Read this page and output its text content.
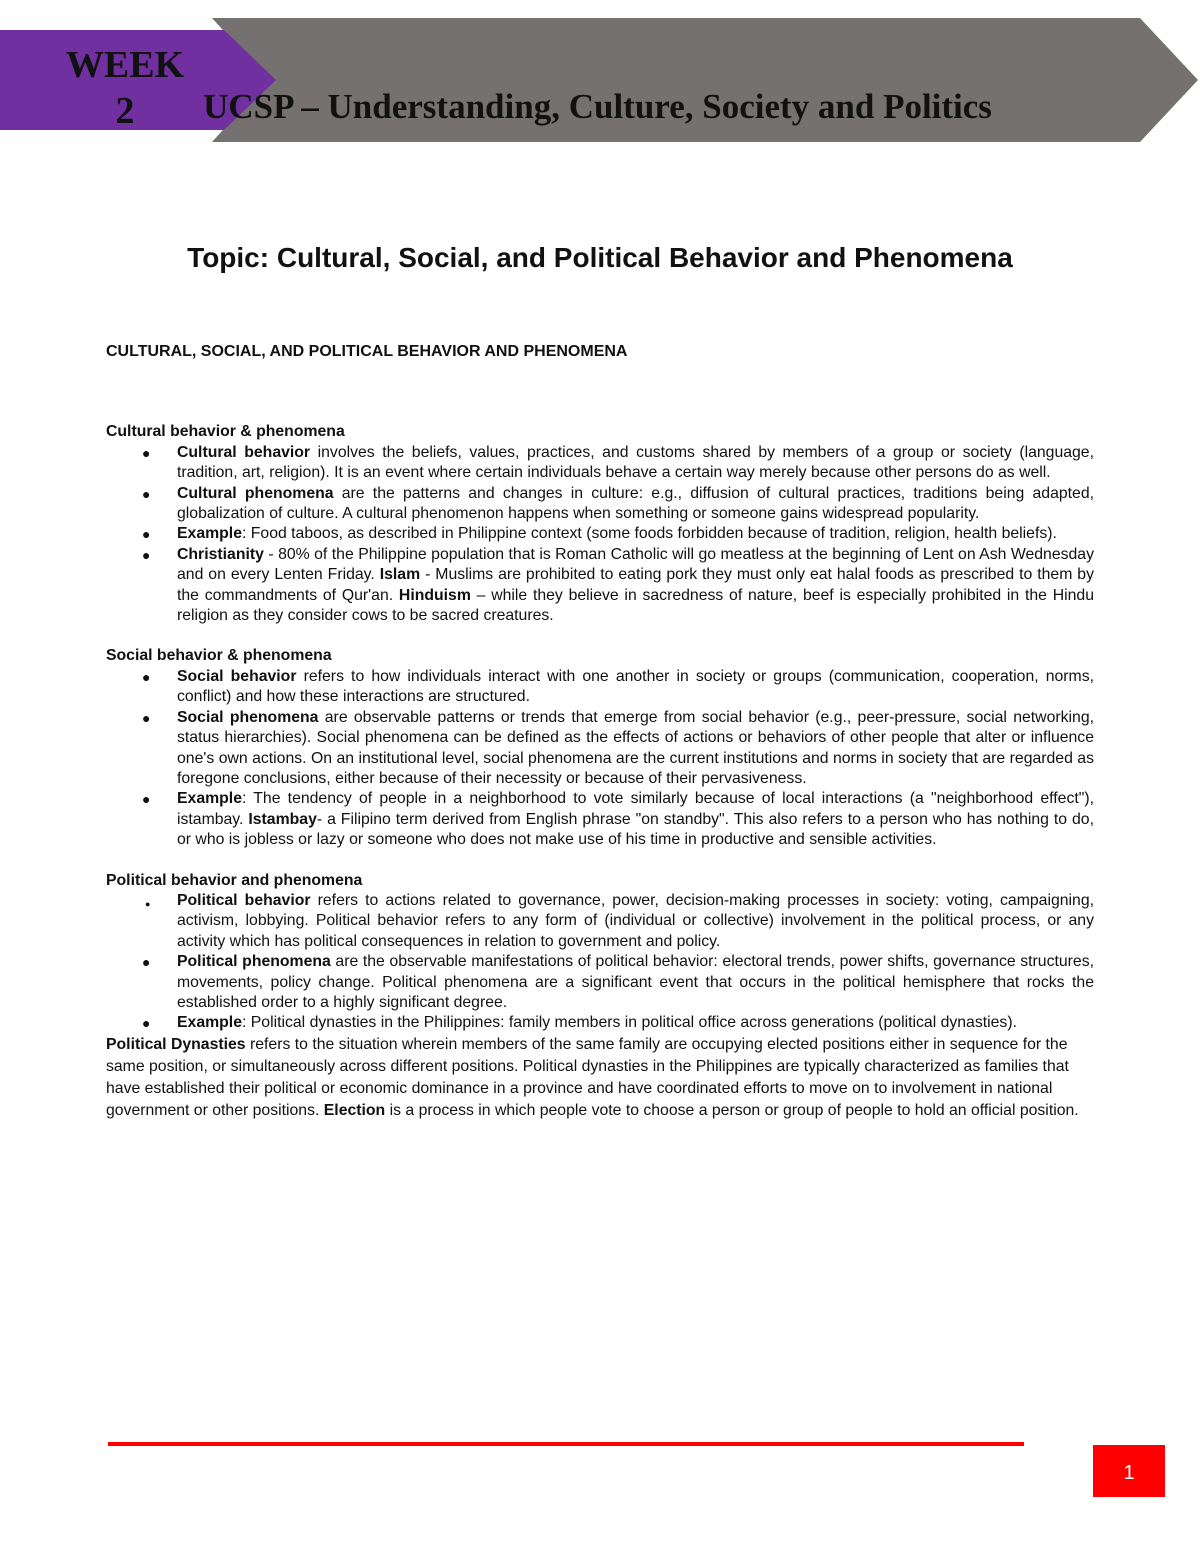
WEEK
2	UCSP – Understanding, Culture, Society and Politics
Topic: Cultural, Social, and Political Behavior and Phenomena

CULTURAL, SOCIAL, AND POLITICAL BEHAVIOR AND PHENOMENA

Cultural behavior & phenomena

● Cultural behavior involves the beliefs, values, practices, and customs shared by members of a group or society (language, tradition, art, religion). It is an event where certain individuals behave a certain way merely because other persons do as well.
● Cultural phenomena are the patterns and changes in culture: e.g., diffusion of cultural practices, traditions being adapted, globalization of culture. A cultural phenomenon happens when something or someone gains widespread popularity.
● Example: Food taboos, as described in Philippine context (some foods forbidden because of tradition, religion, health beliefs).
● Christianity - 80% of the Philippine population that is Roman Catholic will go meatless at the beginning of Lent on Ash Wednesday and on every Lenten Friday. Islam - Muslims are prohibited to eating pork they must only eat halal foods as prescribed to them by the commandments of Qur'an. Hinduism – while they believe in sacredness of nature, beef is especially prohibited in the Hindu religion as they consider cows to be sacred creatures.

Social behavior & phenomena

● Social behavior refers to how individuals interact with one another in society or groups (communication, cooperation, norms, conflict) and how these interactions are structured.
● Social phenomena are observable patterns or trends that emerge from social behavior (e.g., peer-pressure, social networking, status hierarchies). Social phenomena can be defined as the effects of actions or behaviors of other people that alter or influence one's own actions. On an institutional level, social phenomena are the current institutions and norms in society that are regarded as foregone conclusions, either because of their necessity or because of their pervasiveness.
● Example: The tendency of people in a neighborhood to vote similarly because of local interactions (a "neighborhood effect"), istambay. Istambay- a Filipino term derived from English phrase "on standby". This also refers to a person who has nothing to do, or who is jobless or lazy or someone who does not make use of his time in productive and sensible activities.

Political behavior and phenomena

● Political behavior refers to actions related to governance, power, decision-making processes in society: voting, campaigning, activism, lobbying. Political behavior refers to any form of (individual or collective) involvement in the political process, or any activity which has political consequences in relation to government and policy.
● Political phenomena are the observable manifestations of political behavior: electoral trends, power shifts, governance structures, movements, policy change. Political phenomena are a significant event that occurs in the political hemisphere that rocks the established order to a highly significant degree.
● Example: Political dynasties in the Philippines: family members in political office across generations (political dynasties).

Political Dynasties refers to the situation wherein members of the same family are occupying elected positions either in sequence for the same position, or simultaneously across different positions. Political dynasties in the Philippines are typically characterized as families that have established their political or economic dominance in a province and have coordinated efforts to move on to involvement in national government or other positions. Election is a process in which people vote to choose a person or group of people to hold an official position.

1
